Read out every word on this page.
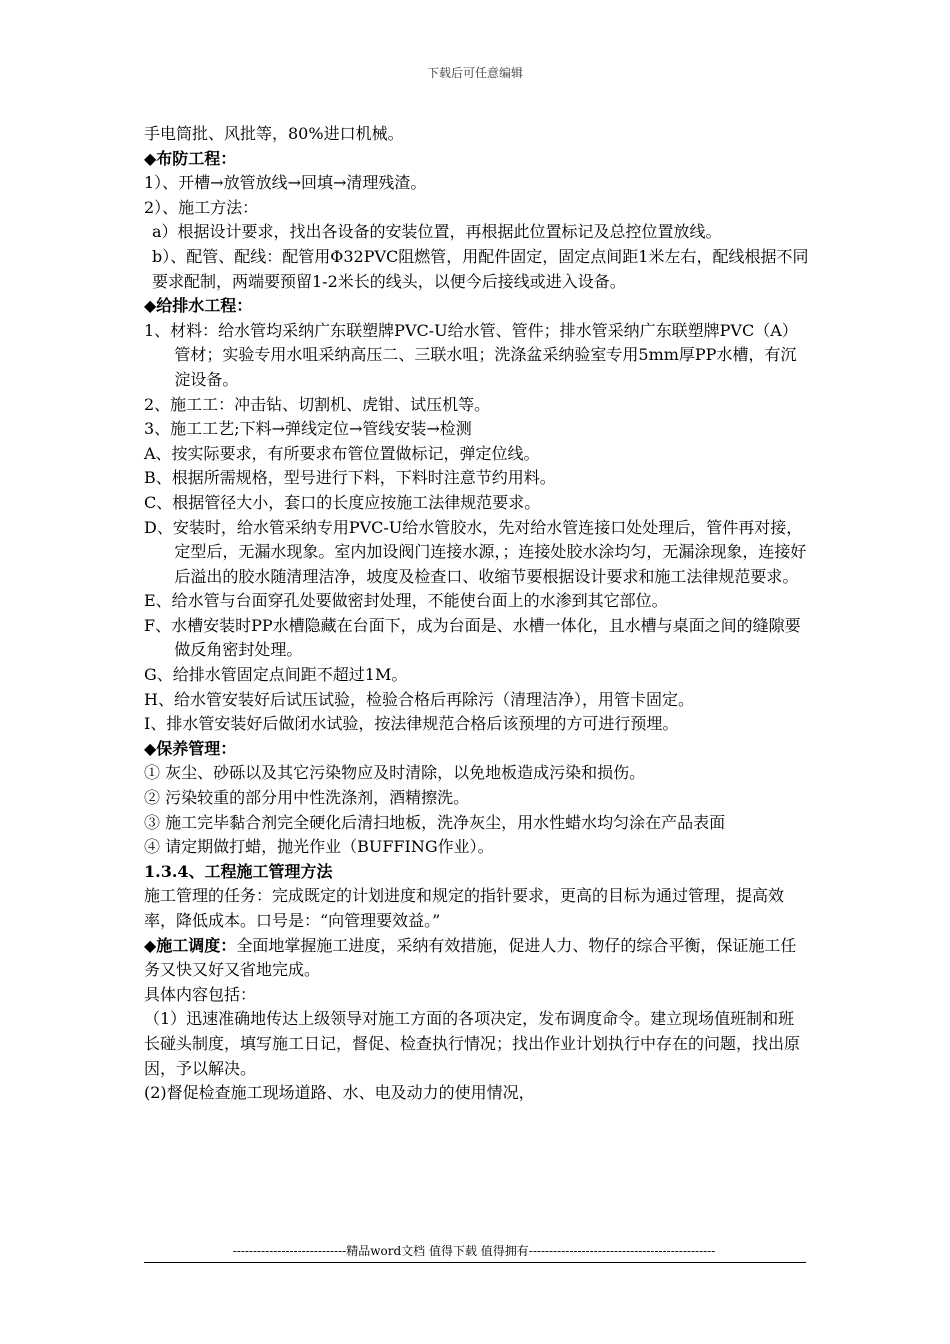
下载后可任意编辑

手电筒批、风批等，80%进口机械。

◆布防工程：

1）、开槽→放管放线→回填→清理残渣。

2）、施工方法：

a）根据设计要求，找出各设备的安装位置，再根据此位置标记及总控位置放线。

b）、配管、配线：配管用Φ32PVC阻燃管，用配件固定，固定点间距1米左右，配线根据不同要求配制，两端要预留1-2米长的线头，以便今后接线或进入设备。

◆给排水工程：

1、材料：给水管均采纳广东联塑牌PVC-U给水管、管件；排水管采纳广东联塑牌PVC（A）管材；实验专用水咀采纳高压二、三联水咀；洗涤盆采纳验室专用5mm厚PP水槽，有沉淀设备。

2、施工工：冲击钻、切割机、虎钳、试压机等。

3、施工工艺;下料→弹线定位→管线安装→检测

A、按实际要求，有所要求布管位置做标记，弹定位线。

B、根据所需规格，型号进行下料，下料时注意节约用料。

C、根据管径大小，套口的长度应按施工法律规范要求。

D、安装时，给水管采纳专用PVC-U给水管胶水，先对给水管连接口处处理后，管件再对接，定型后，无漏水现象。室内加设阀门连接水源，；连接处胶水涂均匀，无漏涂现象，连接好后溢出的胶水随清理洁净，坡度及检查口、收缩节要根据设计要求和施工法律规范要求。

E、给水管与台面穿孔处要做密封处理，不能使台面上的水渗到其它部位。

F、水槽安装时PP水槽隐藏在台面下，成为台面是、水槽一体化，且水槽与桌面之间的缝隙要做反角密封处理。

G、给排水管固定点间距不超过1M。

H、给水管安装好后试压试验，检验合格后再除污（清理洁净），用管卡固定。

I、排水管安装好后做闭水试验，按法律规范合格后该预埋的方可进行预埋。

◆保养管理：

① 灰尘、砂砾以及其它污染物应及时清除，以免地板造成污染和损伤。

② 污染较重的部分用中性洗涤剂，酒精擦洗。

③ 施工完毕黏合剂完全硬化后清扫地板，洗净灰尘，用水性蜡水均匀涂在产品表面

④ 请定期做打蜡，抛光作业（BUFFING作业）。

1.3.4、工程施工管理方法

施工管理的任务：完成既定的计划进度和规定的指针要求，更高的目标为通过管理，提高效率，降低成本。口号是：“向管理要效益。”

◆施工调度：全面地掌握施工进度，采纳有效措施，促进人力、物仔的综合平衡，保证施工任务又快又好又省地完成。

具体内容包括：

（1）迅速准确地传达上级领导对施工方面的各项决定，发布调度命令。建立现场值班制和班长碰头制度，填写施工日记，督促、检查执行情况；找出作业计划执行中存在的问题，找出原因，予以解决。

(2)督促检查施工现场道路、水、电及动力的使用情况，

----------------------------精品word文档 值得下载 值得拥有----------------------------------------------
